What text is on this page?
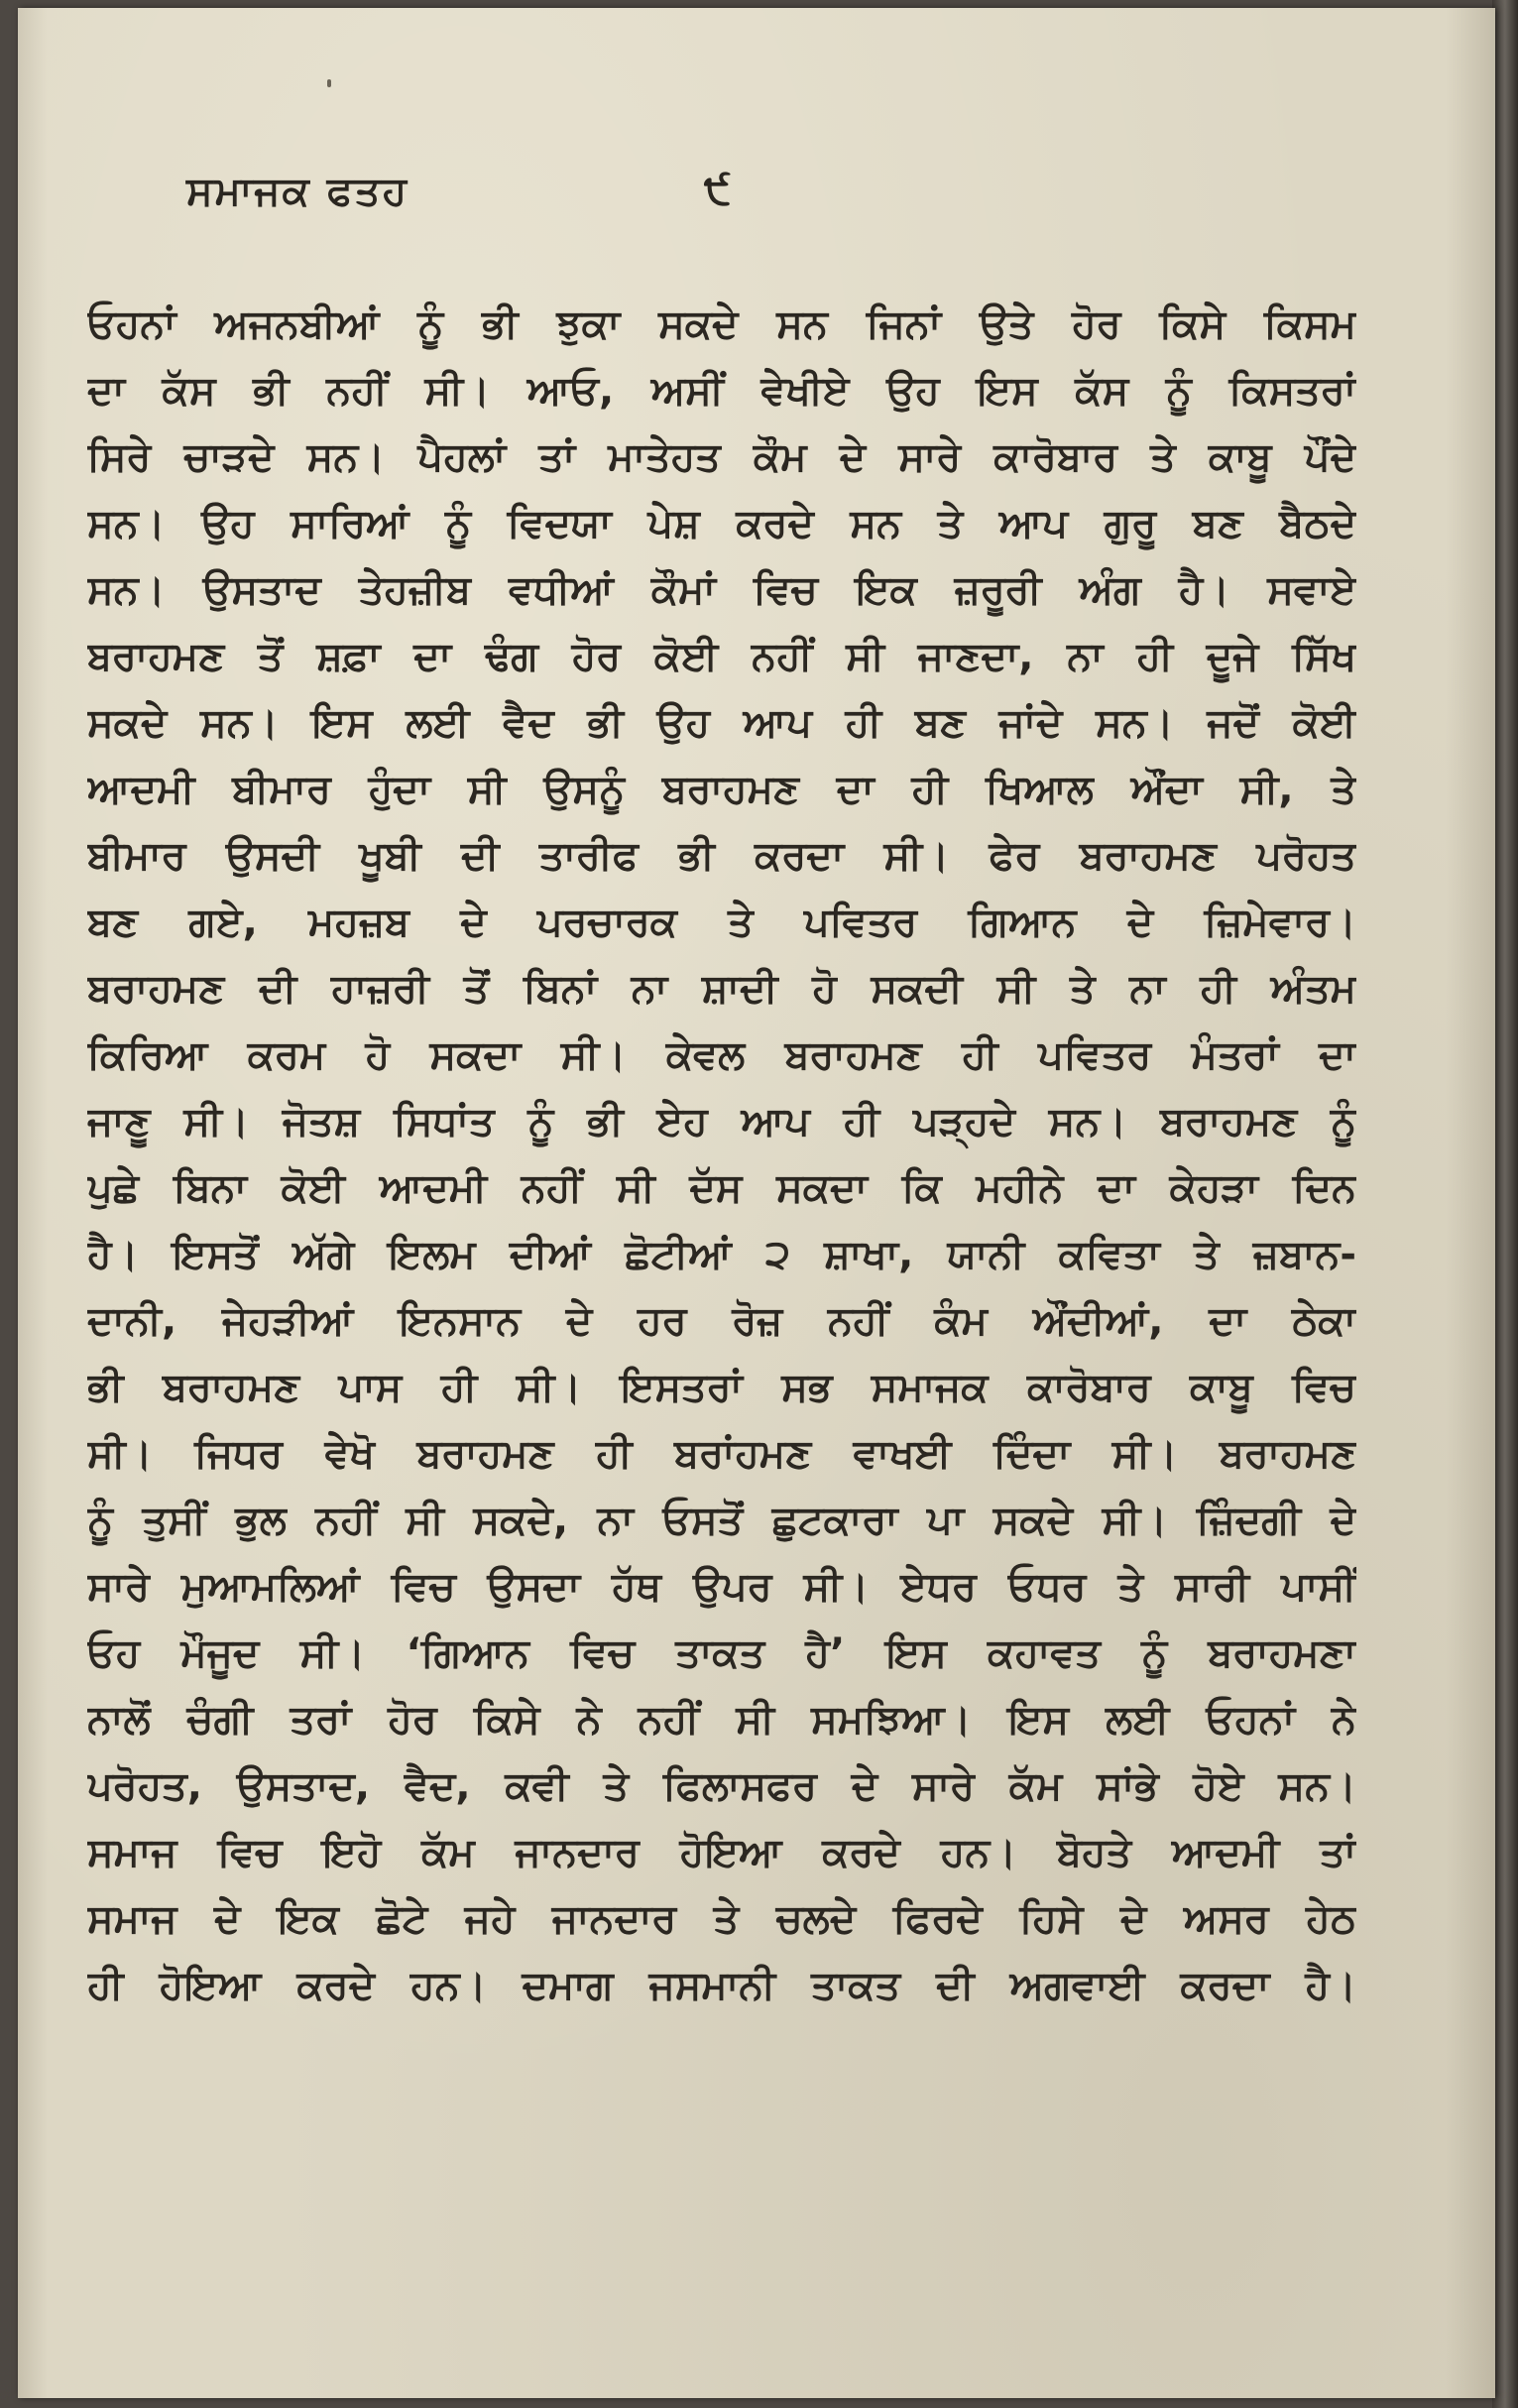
ਸਮਾਜਕ ਫਤਹ	੯
ਓਹਨਾਂ ਅਜਨਬੀਆਂ ਨੂੰ ਭੀ ਝੁਕਾ ਸਕਦੇ ਸਨ ਜਿਨਾਂ ਉਤੇ ਹੋਰ ਕਿਸੇ ਕਿਸਮ
ਦਾ ਕੱਸ ਭੀ ਨਹੀਂ ਸੀ। ਆਓ, ਅਸੀਂ ਵੇਖੀਏ ਉਹ ਇਸ ਕੱਸ ਨੂੰ ਕਿਸਤਰਾਂ
ਸਿਰੇ ਚਾੜਦੇ ਸਨ। ਪੈਹਲਾਂ ਤਾਂ ਮਾਤੇਹਤ ਕੌਮ ਦੇ ਸਾਰੇ ਕਾਰੋਬਾਰ ਤੇ ਕਾਬੂ ਪੌਂਦੇ
ਸਨ। ਉਹ ਸਾਰਿਆਂ ਨੂੰ ਵਿਦਯਾ ਪੇਸ਼ ਕਰਦੇ ਸਨ ਤੇ ਆਪ ਗੁਰੂ ਬਣ ਬੈਠਦੇ
ਸਨ। ਉਸਤਾਦ ਤੇਹਜ਼ੀਬ ਵਧੀਆਂ ਕੌਮਾਂ ਵਿਚ ਇਕ ਜ਼ਰੂਰੀ ਅੰਗ ਹੈ। ਸਵਾਏ
ਬਰਾਹਮਣ ਤੋਂ ਸ਼ਫ਼ਾ ਦਾ ਢੰਗ ਹੋਰ ਕੋਈ ਨਹੀਂ ਸੀ ਜਾਣਦਾ, ਨਾ ਹੀ ਦੂਜੇ ਸਿੱਖ
ਸਕਦੇ ਸਨ। ਇਸ ਲਈ ਵੈਦ ਭੀ ਉਹ ਆਪ ਹੀ ਬਣ ਜਾਂਦੇ ਸਨ। ਜਦੋਂ ਕੋਈ
ਆਦਮੀ ਬੀਮਾਰ ਹੁੰਦਾ ਸੀ ਉਸਨੂੰ ਬਰਾਹਮਣ ਦਾ ਹੀ ਖਿਆਲ ਔਂਦਾ ਸੀ, ਤੇ
ਬੀਮਾਰ ਉਸਦੀ ਖੂਬੀ ਦੀ ਤਾਰੀਫ ਭੀ ਕਰਦਾ ਸੀ। ਫੇਰ ਬਰਾਹਮਣ ਪਰੋਹਤ
ਬਣ ਗਏ, ਮਹਜ਼ਬ ਦੇ ਪਰਚਾਰਕ ਤੇ ਪਵਿਤਰ ਗਿਆਨ ਦੇ ਜ਼ਿਮੇਵਾਰ।
ਬਰਾਹਮਣ ਦੀ ਹਾਜ਼ਰੀ ਤੋਂ ਬਿਨਾਂ ਨਾ ਸ਼ਾਦੀ ਹੋ ਸਕਦੀ ਸੀ ਤੇ ਨਾ ਹੀ ਅੰਤਮ
ਕਿਰਿਆ ਕਰਮ ਹੋ ਸਕਦਾ ਸੀ। ਕੇਵਲ ਬਰਾਹਮਣ ਹੀ ਪਵਿਤਰ ਮੰਤਰਾਂ ਦਾ
ਜਾਣੂ ਸੀ। ਜੋਤਸ਼ ਸਿਧਾਂਤ ਨੂੰ ਭੀ ਏਹ ਆਪ ਹੀ ਪੜ੍ਹਦੇ ਸਨ। ਬਰਾਹਮਣ ਨੂੰ
ਪੁਛੇ ਬਿਨਾ ਕੋਈ ਆਦਮੀ ਨਹੀਂ ਸੀ ਦੱਸ ਸਕਦਾ ਕਿ ਮਹੀਨੇ ਦਾ ਕੇਹੜਾ ਦਿਨ
ਹੈ। ਇਸਤੋਂ ਅੱਗੇ ਇਲਮ ਦੀਆਂ ਛੋਟੀਆਂ ੨ ਸ਼ਾਖਾ, ਯਾਨੀ ਕਵਿਤਾ ਤੇ ਜ਼ਬਾਨ-
ਦਾਨੀ, ਜੇਹੜੀਆਂ ਇਨਸਾਨ ਦੇ ਹਰ ਰੋਜ਼ ਨਹੀਂ ਕੰਮ ਔਂਦੀਆਂ, ਦਾ ਠੇਕਾ
ਭੀ ਬਰਾਹਮਣ ਪਾਸ ਹੀ ਸੀ। ਇਸਤਰਾਂ ਸਭ ਸਮਾਜਕ ਕਾਰੋਬਾਰ ਕਾਬੂ ਵਿਚ
ਸੀ। ਜਿਧਰ ਵੇਖੋ ਬਰਾਹਮਣ ਹੀ ਬਰਾਂਹਮਣ ਵਾਖਈ ਦਿੰਦਾ ਸੀ। ਬਰਾਹਮਣ
ਨੂੰ ਤੁਸੀਂ ਭੁਲ ਨਹੀਂ ਸੀ ਸਕਦੇ, ਨਾ ਓਸਤੋਂ ਛੁਟਕਾਰਾ ਪਾ ਸਕਦੇ ਸੀ। ਜ਼ਿੰਦਗੀ ਦੇ
ਸਾਰੇ ਮੁਆਮਲਿਆਂ ਵਿਚ ਉਸਦਾ ਹੱਥ ਉਪਰ ਸੀ। ਏਧਰ ਓਧਰ ਤੇ ਸਾਰੀ ਪਾਸੀਂ
ਓਹ ਮੌਜੂਦ ਸੀ। ‘ਗਿਆਨ ਵਿਚ ਤਾਕਤ ਹੈ’ ਇਸ ਕਹਾਵਤ ਨੂੰ ਬਰਾਹਮਣਾ
ਨਾਲੋਂ ਚੰਗੀ ਤਰਾਂ ਹੋਰ ਕਿਸੇ ਨੇ ਨਹੀਂ ਸੀ ਸਮਝਿਆ। ਇਸ ਲਈ ਓਹਨਾਂ ਨੇ
ਪਰੋਹਤ, ਉਸਤਾਦ, ਵੈਦ, ਕਵੀ ਤੇ ਫਿਲਾਸਫਰ ਦੇ ਸਾਰੇ ਕੱਮ ਸਾਂਭੇ ਹੋਏ ਸਨ।
ਸਮਾਜ ਵਿਚ ਇਹੋ ਕੱਮ ਜਾਨਦਾਰ ਹੋਇਆ ਕਰਦੇ ਹਨ। ਬੋਹਤੇ ਆਦਮੀ ਤਾਂ
ਸਮਾਜ ਦੇ ਇਕ ਛੋਟੇ ਜਹੇ ਜਾਨਦਾਰ ਤੇ ਚਲਦੇ ਫਿਰਦੇ ਹਿਸੇ ਦੇ ਅਸਰ ਹੇਠ
ਹੀ ਹੋਇਆ ਕਰਦੇ ਹਨ। ਦਮਾਗ ਜਸਮਾਨੀ ਤਾਕਤ ਦੀ ਅਗਵਾਈ ਕਰਦਾ ਹੈ।
